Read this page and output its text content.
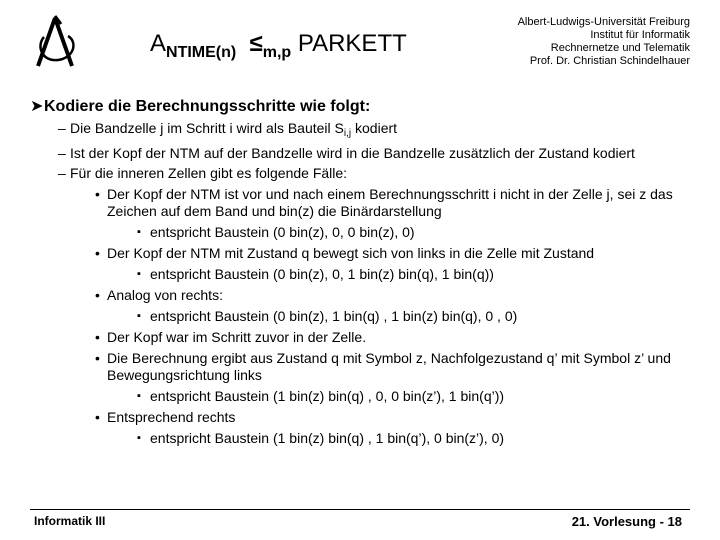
$A_{NTIME(n)} \le_{m,p}$ PARKETT
Albert-Ludwigs-Universität Freiburg
Institut für Informatik
Rechnernetze und Telematik
Prof. Dr. Christian Schindelhauer
➤ Kodiere die Berechnungsschritte wie folgt:
– Die Bandzelle j im Schritt i wird als Bauteil $S_{i,j}$ kodiert
– Ist der Kopf der NTM auf der Bandzelle wird in die Bandzelle zusätzlich der Zustand kodiert
– Für die inneren Zellen gibt es folgende Fälle:
• Der Kopf der NTM ist vor und nach einem Berechnungsschritt i nicht in der Zelle j, sei z das Zeichen auf dem Band und bin(z) die Binärdarstellung
▪ entspricht Baustein (0 bin(z), 0, 0 bin(z), 0)
• Der Kopf der NTM mit Zustand q bewegt sich von links in die Zelle mit Zustand
▪ entspricht Baustein (0 bin(z), 0, 1 bin(z) bin(q), 1 bin(q))
• Analog von rechts:
▪ entspricht Baustein (0 bin(z), 1 bin(q) , 1 bin(z) bin(q), 0 , 0)
• Der Kopf war im Schritt zuvor in der Zelle.
• Die Berechnung ergibt aus Zustand q mit Symbol z, Nachfolgezustand q’ mit Symbol z’ und Bewegungsrichtung links
▪ entspricht Baustein (1 bin(z) bin(q) , 0, 0 bin(z’), 1 bin(q’))
• Entsprechend rechts
▪ entspricht Baustein (1 bin(z) bin(q) , 1 bin(q’), 0 bin(z’), 0)
Informatik III	21. Vorlesung - 18
